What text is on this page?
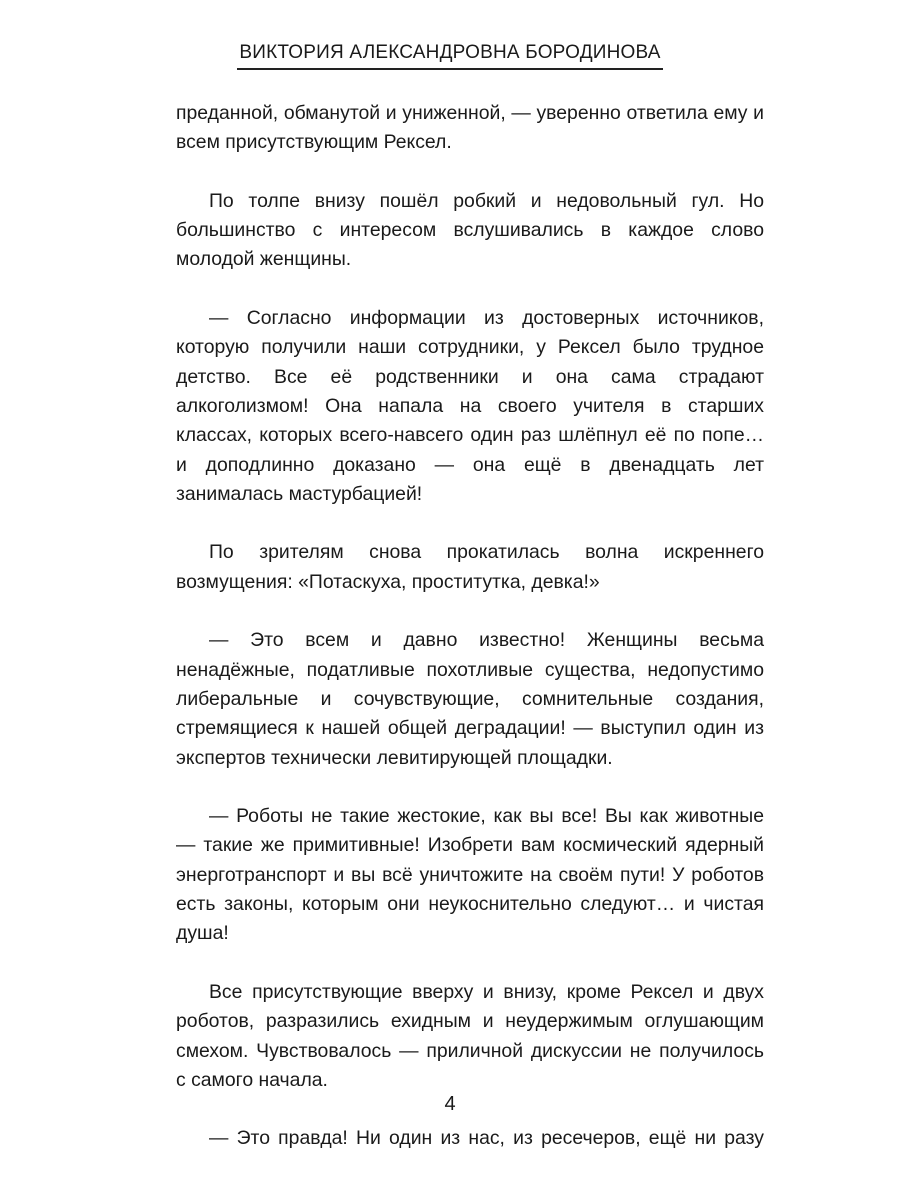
ВИКТОРИЯ АЛЕКСАНДРОВНА БОРОДИНОВА

преданной, обманутой и униженной, — уверенно ответила ему и всем присутствующим Рексел.

По толпе внизу пошёл робкий и недовольный гул. Но большинство с интересом вслушивались в каждое слово молодой женщины.

— Согласно информации из достоверных источников, которую получили наши сотрудники, у Рексел было трудное детство. Все её родственники и она сама страдают алкоголизмом! Она напала на своего учителя в старших классах, которых всего-навсего один раз шлёпнул её по попе… и доподлинно доказано — она ещё в двенадцать лет занималась мастурбацией!

По зрителям снова прокатилась волна искреннего возмущения: «Потаскуха, проститутка, девка!»

— Это всем и давно известно! Женщины весьма ненадёжные, податливые похотливые существа, недопустимо либеральные и сочувствующие, сомнительные создания, стремящиеся к нашей общей деградации! — выступил один из экспертов технически левитирующей площадки.

— Роботы не такие жестокие, как вы все! Вы как животные — такие же примитивные! Изобрети вам космический ядерный энерготранспорт и вы всё уничтожите на своём пути! У роботов есть законы, которым они неукоснительно следуют… и чистая душа!

Все присутствующие вверху и внизу, кроме Рексел и двух роботов, разразились ехидным и неудержимым оглушающим смехом. Чувствовалось — приличной дискуссии не получилось с самого начала.

— Это правда! Ни один из нас, из ресечеров, ещё ни разу

4
